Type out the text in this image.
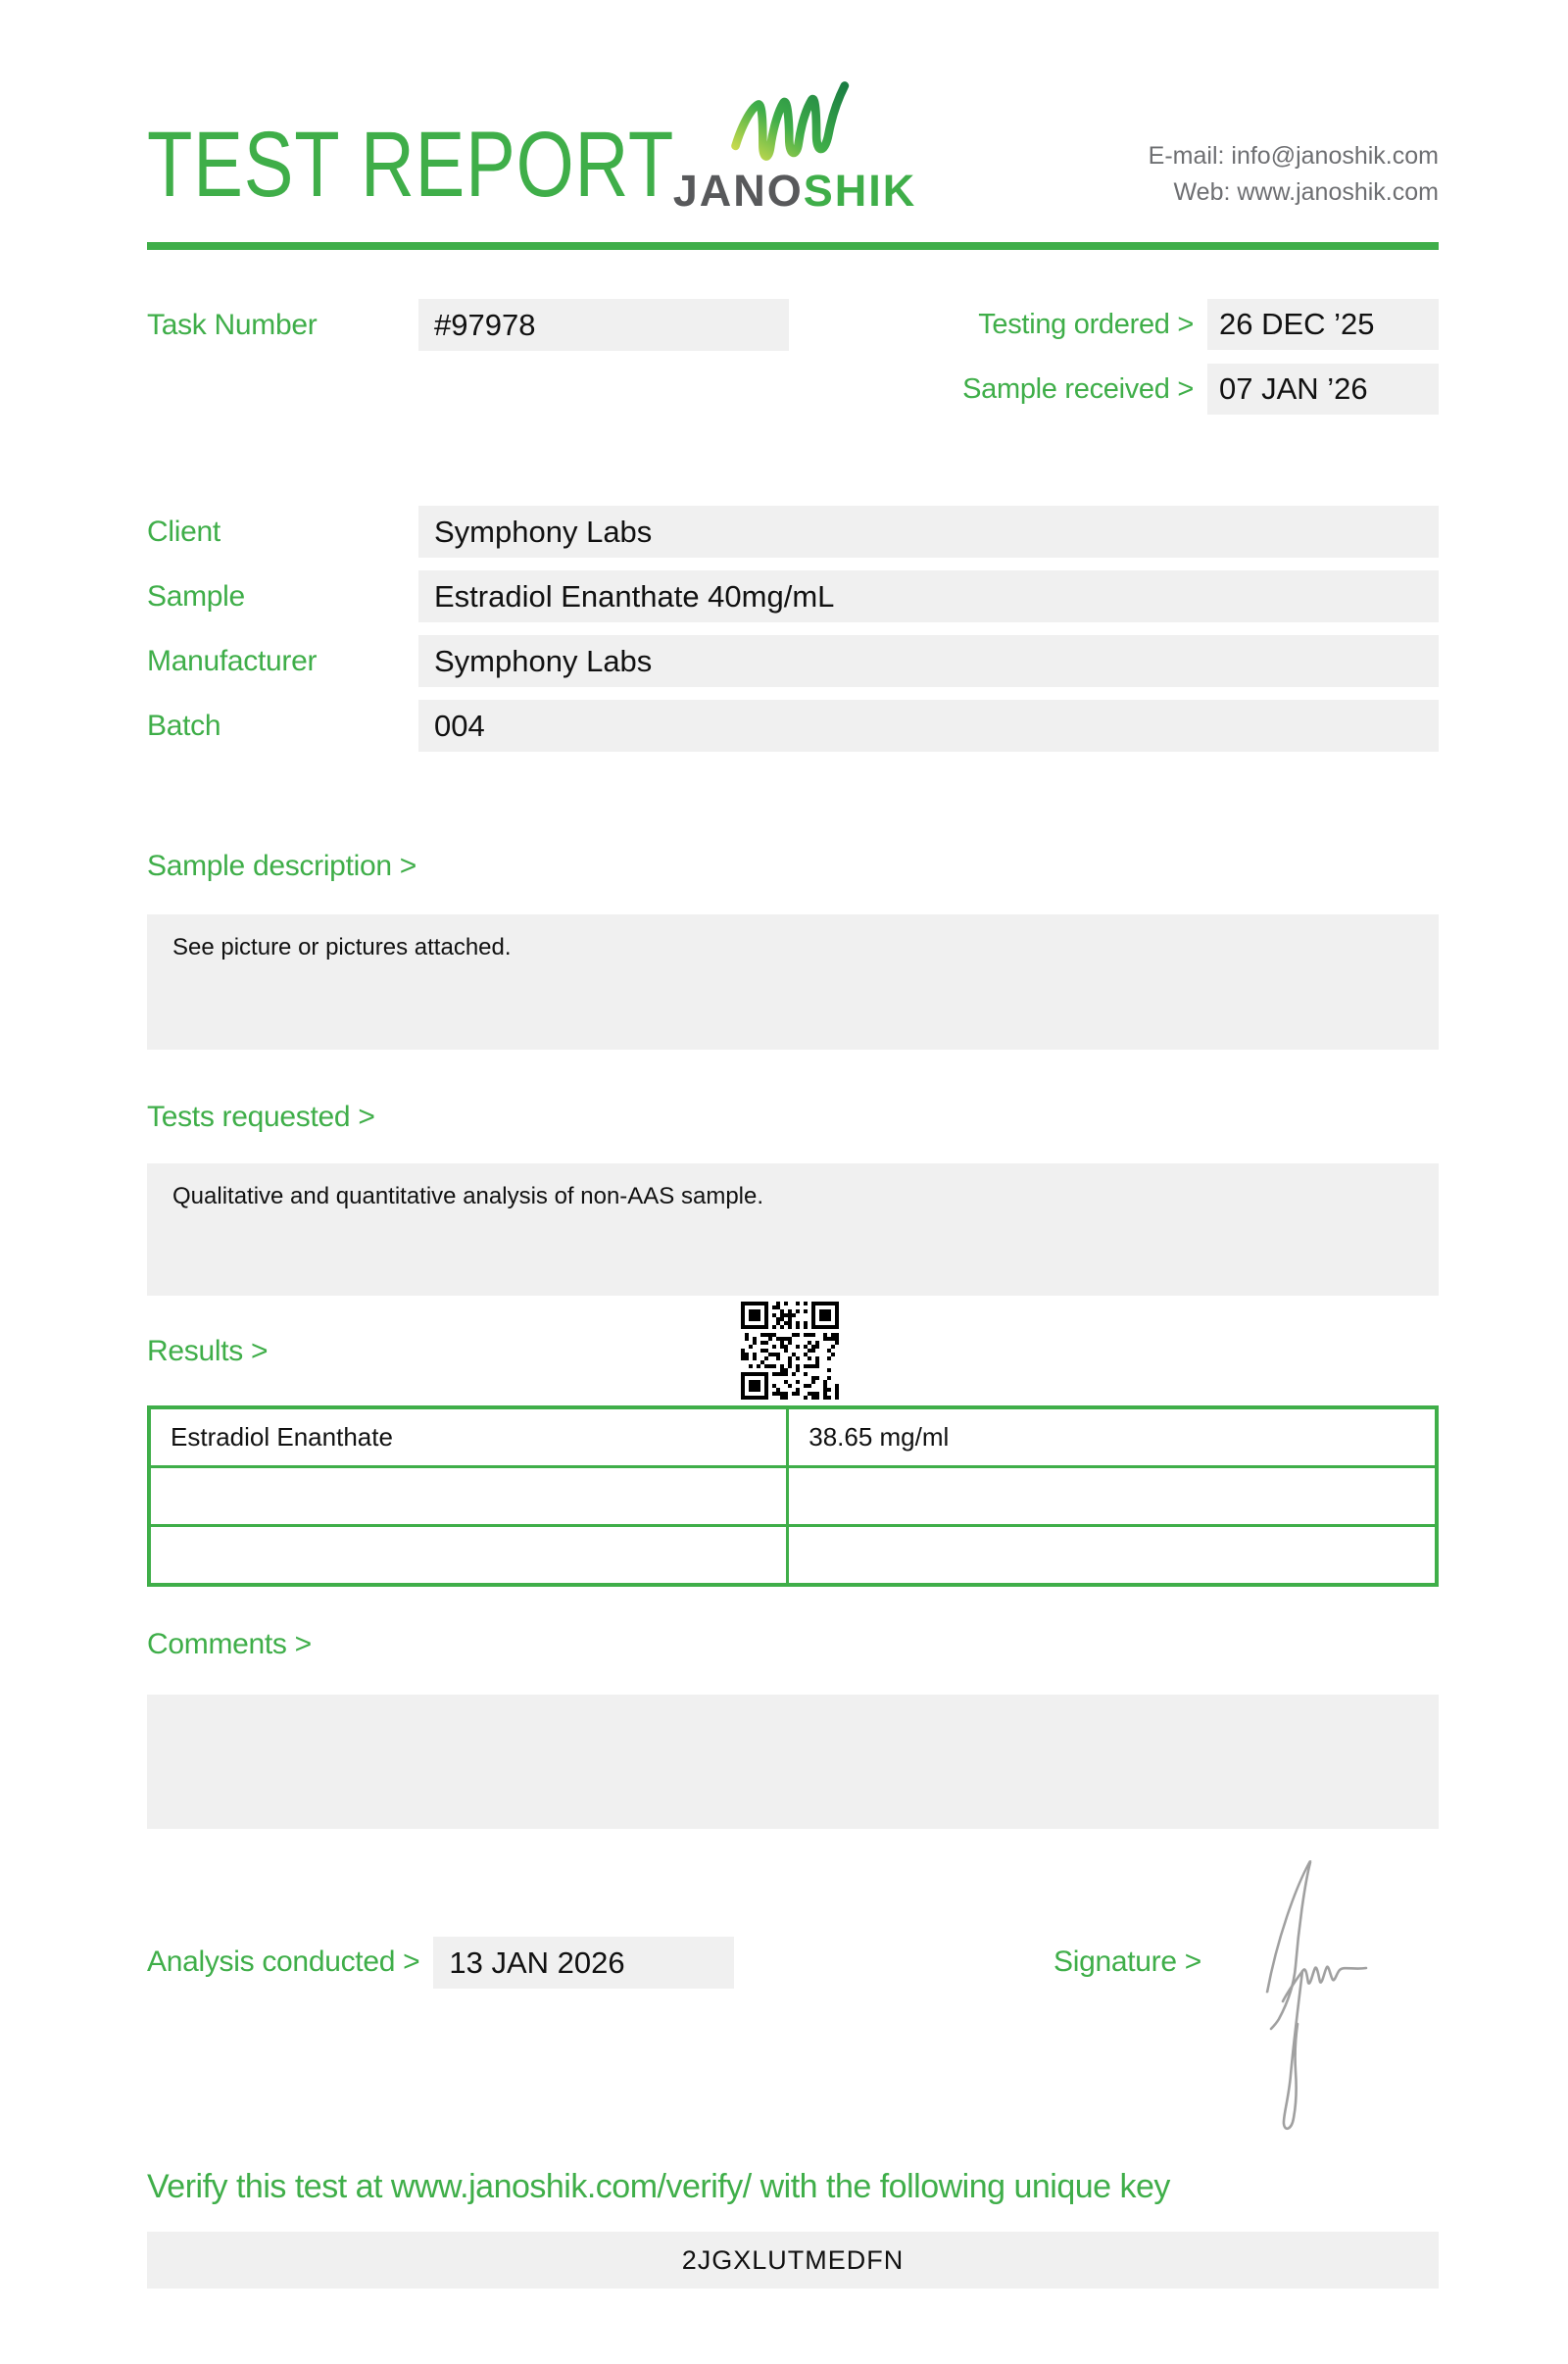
TEST REPORT
JANOSHIK
E-mail: info@janoshik.com
Web: www.janoshik.com
Task Number	#97978	Testing ordered > 26 DEC ’25
Sample received > 07 JAN ’26
Client	Symphony Labs
Sample	Estradiol Enanthate 40mg/mL
Manufacturer	Symphony Labs
Batch	004
Sample description >
See picture or pictures attached.
Tests requested >
Qualitative and quantitative analysis of non-AAS sample.
Results >
Estradiol Enanthate	38.65 mg/ml

Comments >
Analysis conducted > 13 JAN 2026	Signature >
Verify this test at www.janoshik.com/verify/ with the following unique key
2JGXLUTMEDFN
